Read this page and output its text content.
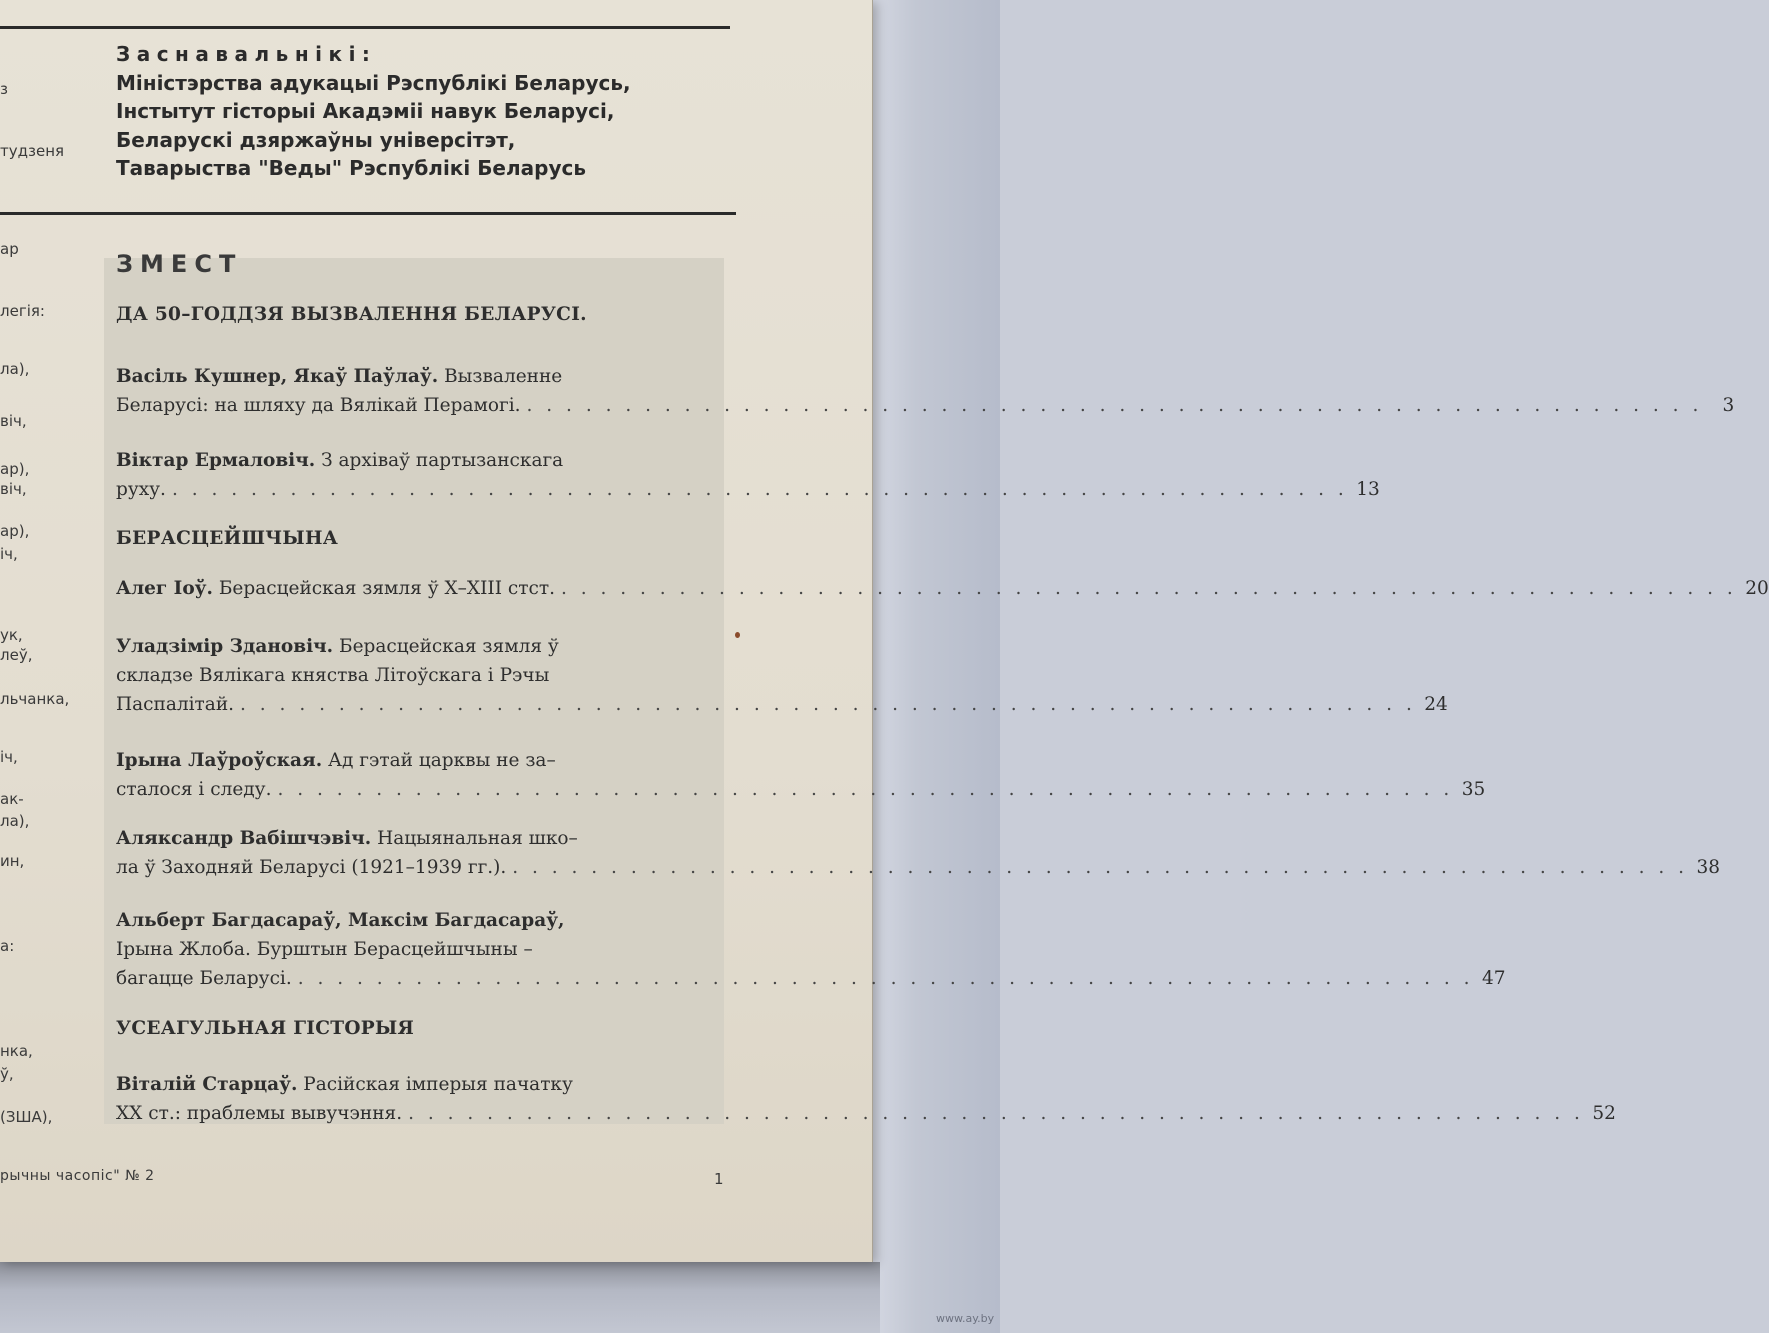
з
тудзеня
ар
легія:
ла),
віч,
ар),
віч,
ар),
іч,
ук,
леў,
льчанка,
іч,
ак-
ла),
ин,
а:
нка,
ў,
(ЗША),
Заснавальнікі:
Міністэрства адукацыі Рэспублікі Беларусь,
Інстытут гісторыі Акадэміі навук Беларусі,
Беларускі дзяржаўны універсітэт,
Таварыства "Веды" Рэспублікі Беларусь
ЗМЕСТ
ДА 50–ГОДДЗЯ ВЫЗВАЛЕННЯ БЕЛАРУСІ.
Васіль Кушнер, Якаў Паўлаў. Вызваленне
Беларусі: на шляху да Вялікай Перамогі. . . . . . . . . . . . . . . . . . . . . . . . . . . . . . . . . . . . . . . . . . . . . . . . . . . . . . . . . . . . .	3
Віктар Ермаловіч. З архіваў партызанскага
руху. . . . . . . . . . . . . . . . . . . . . . . . . . . . . . . . . . . . . . . . . . . . . . . . . . . . . . . . . . . . . 13
БЕРАСЦЕЙШЧЫНА
Алег Іоў. Берасцейская зямля ў X–XIII стст. . . . . . . . . . . . . . . . . . . . . . . . . . . . . . . . . . . . . . . . . . . . . . . . . . . . . . . . . . . . . 20
Уладзімір Здановіч. Берасцейская зямля ў
складзе Вялікага княства Літоўскага і Рэчы
Паспалітай. . . . . . . . . . . . . . . . . . . . . . . . . . . . . . . . . . . . . . . . . . . . . . . . . . . . . . . . . . . . . 24
Ірына Лаўроўская. Ад гэтай царквы не за–
сталося і следу. . . . . . . . . . . . . . . . . . . . . . . . . . . . . . . . . . . . . . . . . . . . . . . . . . . . . . . . . . . . . 35
Аляксандр Вабішчэвіч. Нацыянальная шко–
ла ў Заходняй Беларусі (1921–1939 гг.). . . . . . . . . . . . . . . . . . . . . . . . . . . . . . . . . . . . . . . . . . . . . . . . . . . . . . . . . . . . . 38
Альберт Багдасараў, Максім Багдасараў,
Ірына Жлоба. Бурштын Берасцейшчыны –
багацце Беларусі. . . . . . . . . . . . . . . . . . . . . . . . . . . . . . . . . . . . . . . . . . . . . . . . . . . . . . . . . . . . . 47
УСЕАГУЛЬНАЯ ГІСТОРЫЯ
Віталій Старцаў. Расійская імперыя пачатку
XX ст.: праблемы вывучэння. . . . . . . . . . . . . . . . . . . . . . . . . . . . . . . . . . . . . . . . . . . . . . . . . . . . . . . . . . . . . 52
рычны часопіс" № 2	1
www.ay.by
